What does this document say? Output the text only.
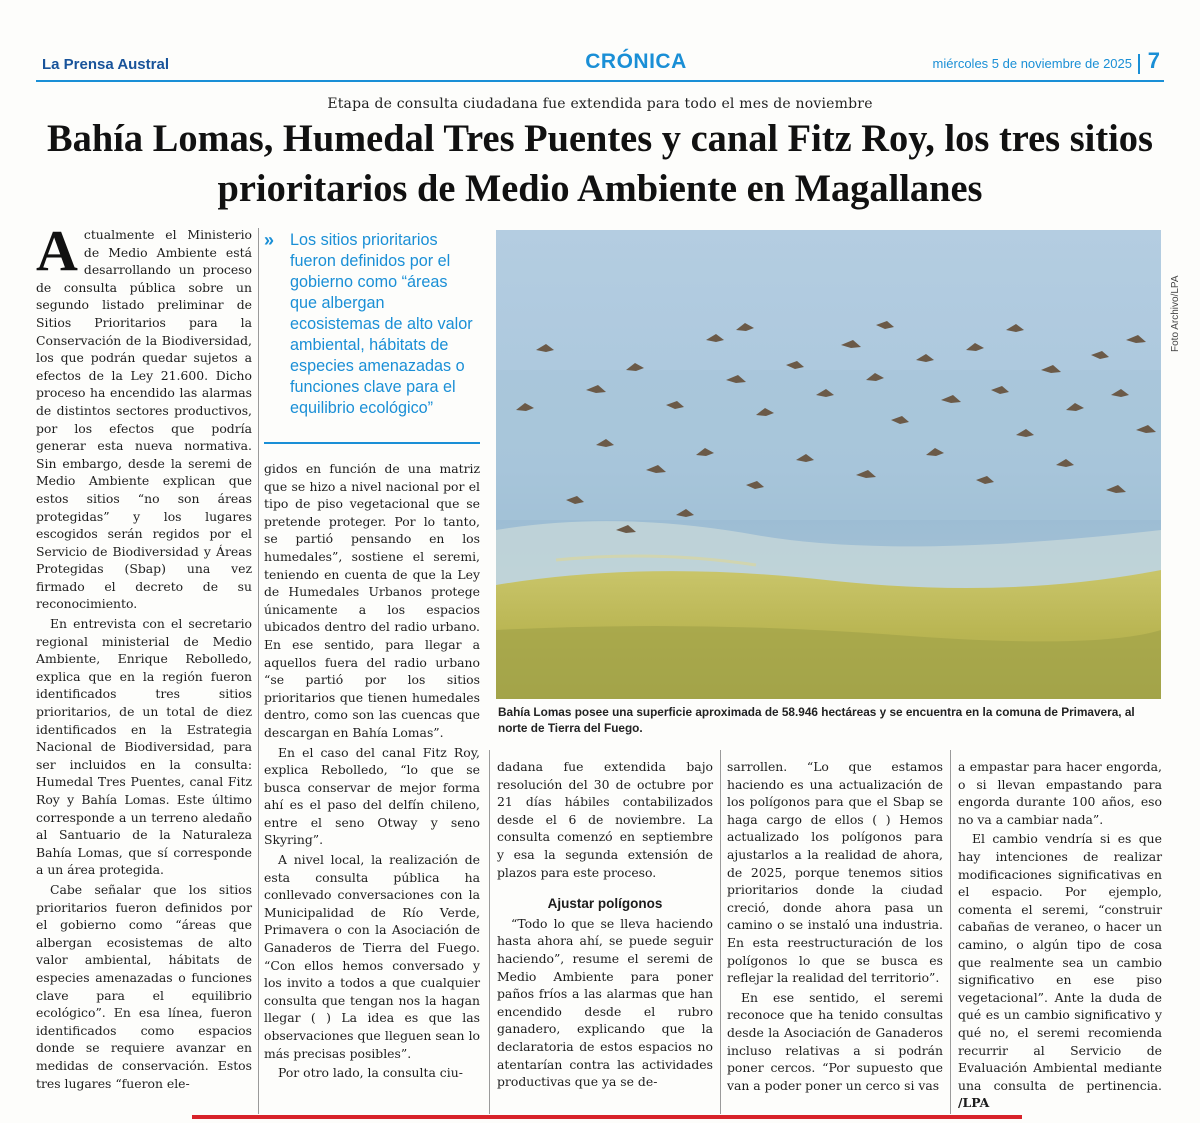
La Prensa Austral	CRÓNICA	miércoles 5 de noviembre de 2025 7
Etapa de consulta ciudadana fue extendida para todo el mes de noviembre
Bahía Lomas, Humedal Tres Puentes y canal Fitz Roy, los tres sitios prioritarios de Medio Ambiente en Magallanes

Actualmente el Ministerio de Medio Ambiente está desarrollando un proceso de consulta pública sobre un segundo listado preliminar de Sitios Prioritarios para la Conservación de la Biodiversidad, los que podrán quedar sujetos a efectos de la Ley 21.600. Dicho proceso ha encendido las alarmas de distintos sectores productivos, por los efectos que podría generar esta nueva normativa. Sin embargo, desde la seremi de Medio Ambiente explican que estos sitios “no son áreas protegidas” y los lugares escogidos serán regidos por el Servicio de Biodiversidad y Áreas Protegidas (Sbap) una vez firmado el decreto de su reconocimiento.

En entrevista con el secretario regional ministerial de Medio Ambiente, Enrique Rebolledo, explica que en la región fueron identificados tres sitios prioritarios, de un total de diez identificados en la Estrategia Nacional de Biodiversidad, para ser incluidos en la consulta: Humedal Tres Puentes, canal Fitz Roy y Bahía Lomas. Este último corresponde a un terreno aledaño al Santuario de la Naturaleza Bahía Lomas, que sí corresponde a un área protegida.

Cabe señalar que los sitios prioritarios fueron definidos por el gobierno como “áreas que albergan ecosistemas de alto valor ambiental, hábitats de especies amenazadas o funciones clave para el equilibrio ecológico”. En esa línea, fueron identificados como espacios donde se requiere avanzar en medidas de conservación. Estos tres lugares “fueron ele-

» Los sitios prioritarios fueron definidos por el gobierno como “áreas que albergan ecosistemas de alto valor ambiental, hábitats de especies amenazadas o funciones clave para el equilibrio ecológico”

gidos en función de una matriz que se hizo a nivel nacional por el tipo de piso vegetacional que se pretende proteger. Por lo tanto, se partió pensando en los humedales”, sostiene el seremi, teniendo en cuenta de que la Ley de Humedales Urbanos protege únicamente a los espacios ubicados dentro del radio urbano. En ese sentido, para llegar a aquellos fuera del radio urbano “se partió por los sitios prioritarios que tienen humedales dentro, como son las cuencas que descargan en Bahía Lomas”.

En el caso del canal Fitz Roy, explica Rebolledo, “lo que se busca conservar de mejor forma ahí es el paso del delfín chileno, entre el seno Otway y seno Skyring”.

A nivel local, la realización de esta consulta pública ha conllevado conversaciones con la Municipalidad de Río Verde, Primavera o con la Asociación de Ganaderos de Tierra del Fuego. “Con ellos hemos conversado y los invito a todos a que cualquier consulta que tengan nos la hagan llegar ( ) La idea es que las observaciones que lleguen sean lo más precisas posibles”.

Por otro lado, la consulta ciu-

Foto Archivo/LPA
Bahía Lomas posee una superficie aproximada de 58.946 hectáreas y se encuentra en la comuna de Primavera, al norte de Tierra del Fuego.

dadana fue extendida bajo resolución del 30 de octubre por 21 días hábiles contabilizados desde el 6 de noviembre. La consulta comenzó en septiembre y esa la segunda extensión de plazos para este proceso.

Ajustar polígonos

“Todo lo que se lleva haciendo hasta ahora ahí, se puede seguir haciendo”, resume el seremi de Medio Ambiente para poner paños fríos a las alarmas que han encendido desde el rubro ganadero, explicando que la declaratoria de estos espacios no atentarían contra las actividades productivas que ya se de-

sarrollen. “Lo que estamos haciendo es una actualización de los polígonos para que el Sbap se haga cargo de ellos ( ) Hemos actualizado los polígonos para ajustarlos a la realidad de ahora, de 2025, porque tenemos sitios prioritarios donde la ciudad creció, donde ahora pasa un camino o se instaló una industria. En esta reestructuración de los polígonos lo que se busca es reflejar la realidad del territorio”.

En ese sentido, el seremi reconoce que ha tenido consultas desde la Asociación de Ganaderos incluso relativas a si podrán poner cercos. “Por supuesto que van a poder poner un cerco si vas

a empastar para hacer engorda, o si llevan empastando para engorda durante 100 años, eso no va a cambiar nada”.

El cambio vendría si es que hay intenciones de realizar modificaciones significativas en el espacio. Por ejemplo, comenta el seremi, “construir cabañas de veraneo, o hacer un camino, o algún tipo de cosa que realmente sea un cambio significativo en ese piso vegetacional”. Ante la duda de qué es un cambio significativo y qué no, el seremi recomienda recurrir al Servicio de Evaluación Ambiental mediante una consulta de pertinencia. /LPA
